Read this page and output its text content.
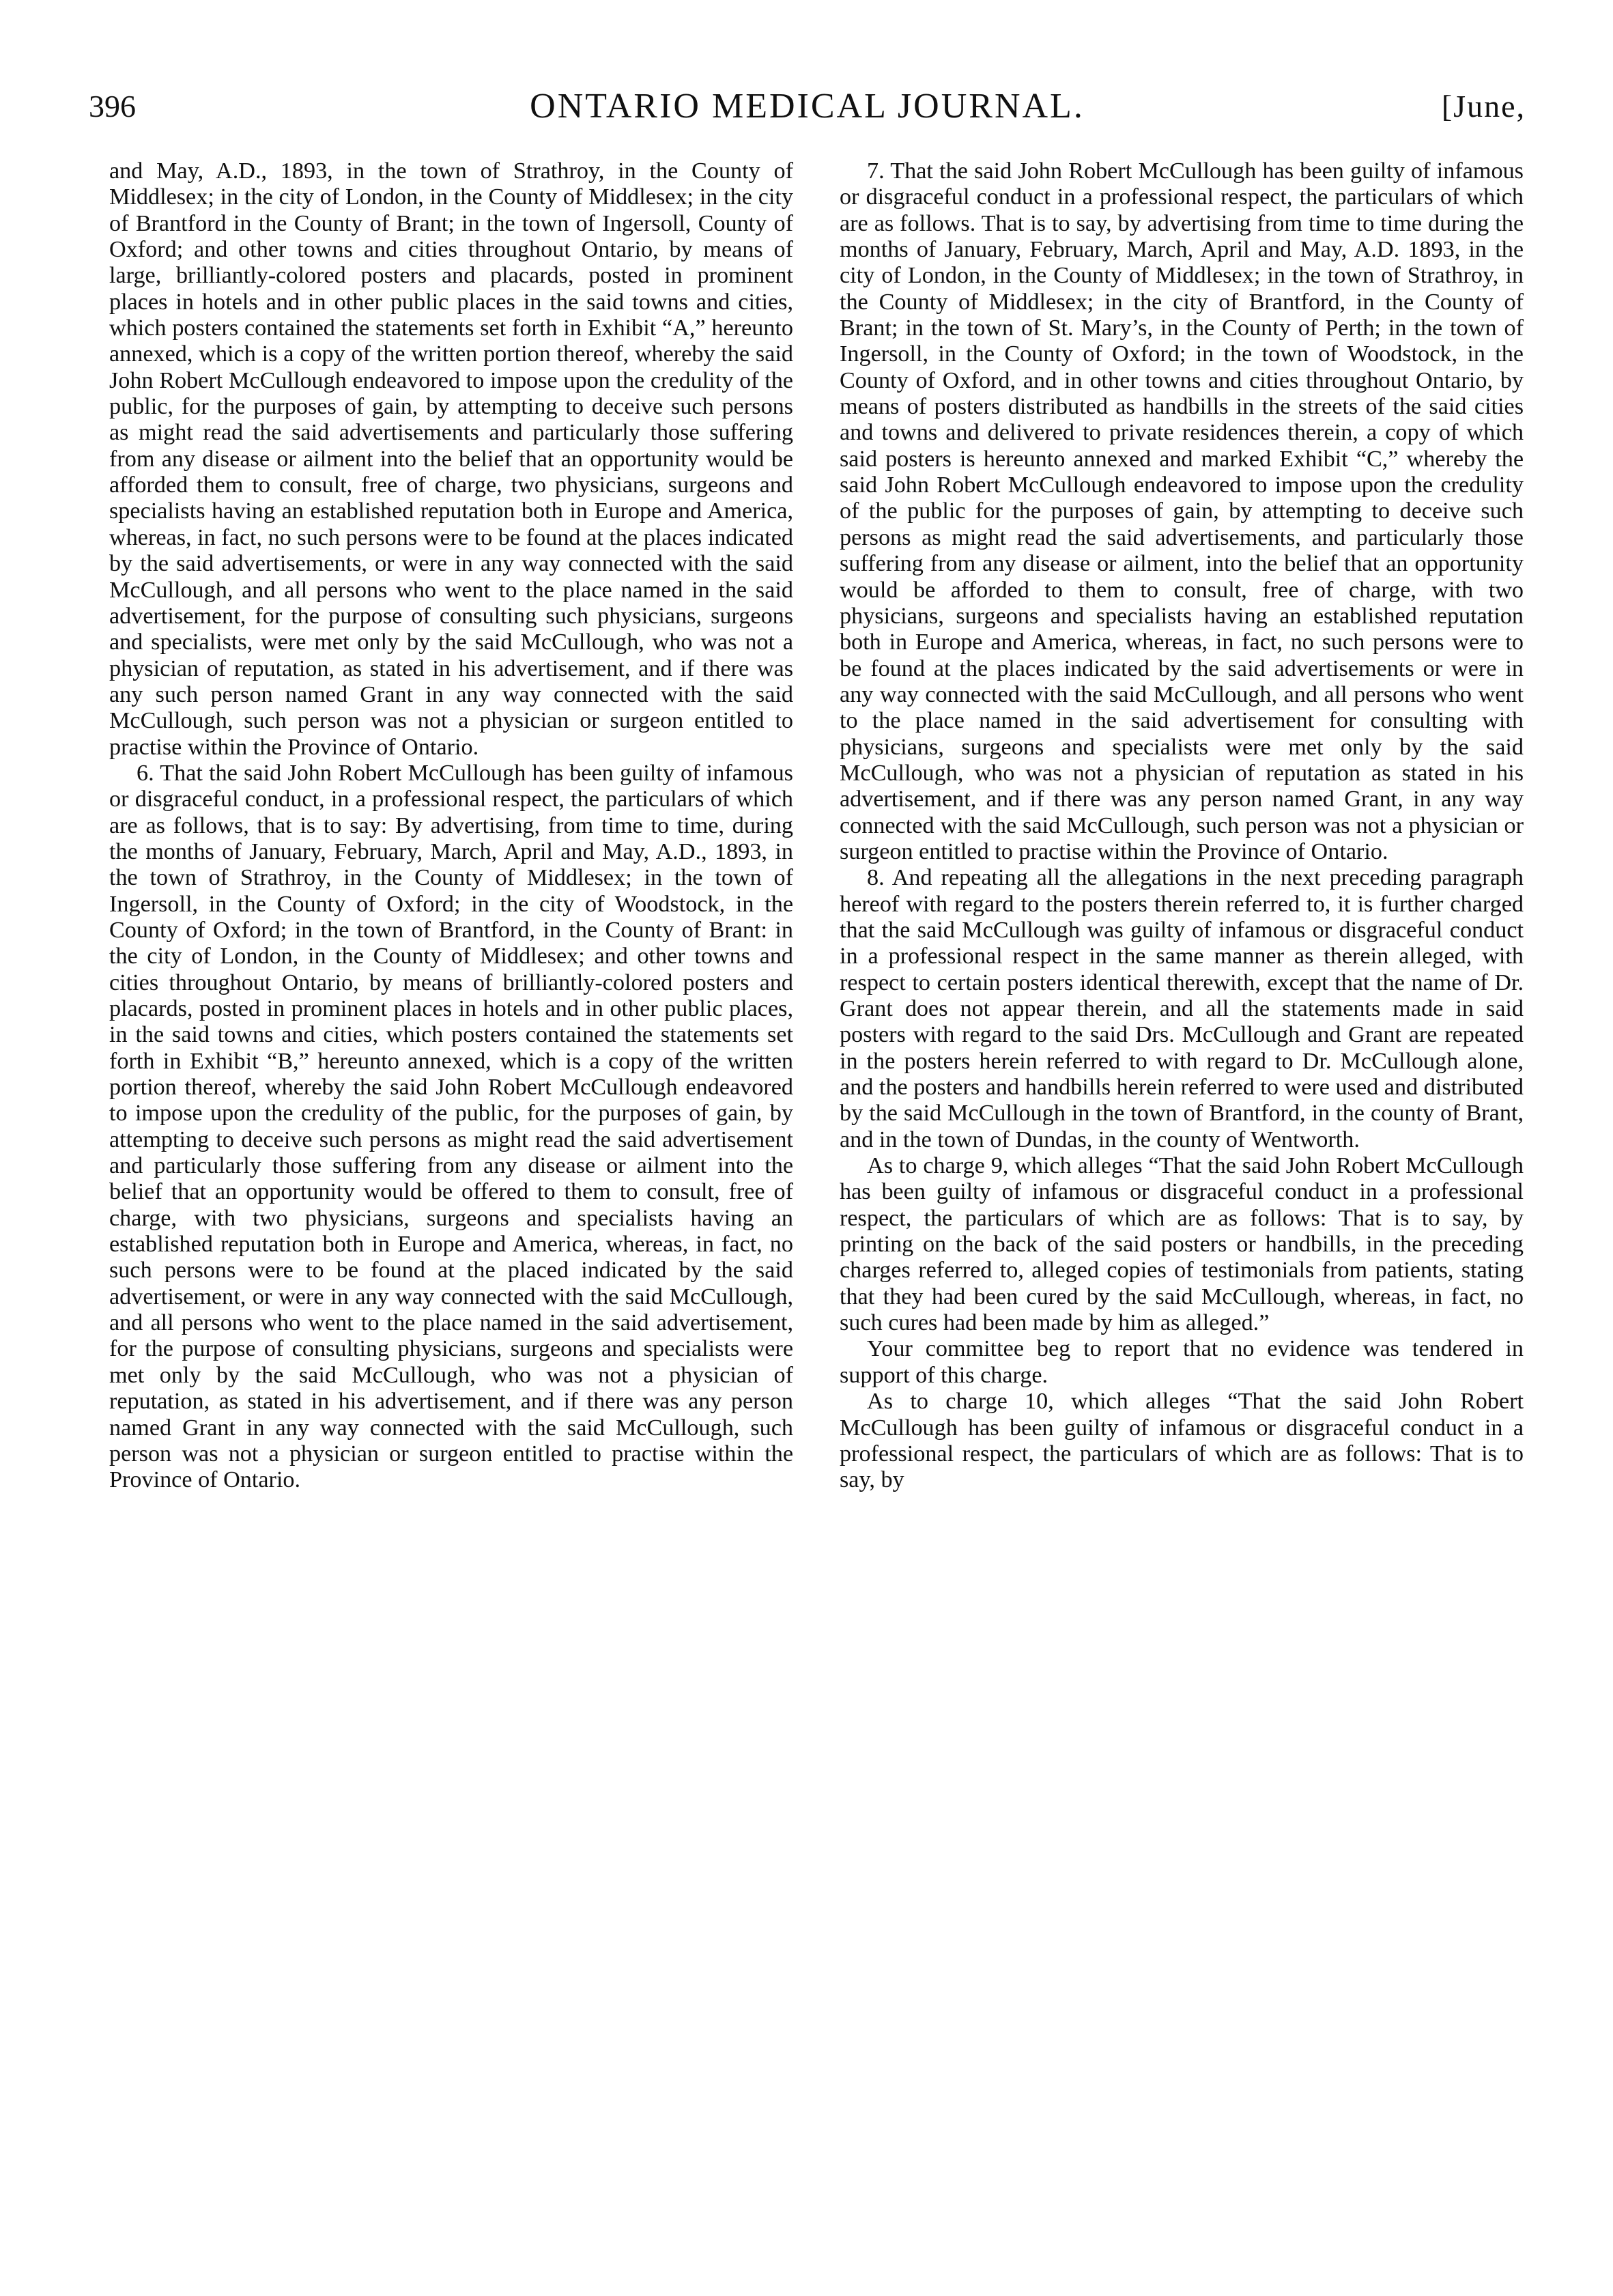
396	ONTARIO MEDICAL JOURNAL.	[June,

and May, A.D., 1893, in the town of Strathroy, in the County of Middlesex; in the city of London, in the County of Middlesex; in the city of Brantford in the County of Brant; in the town of Ingersoll, County of Oxford; and other towns and cities throughout Ontario, by means of large, brilliantly-colored posters and placards, posted in prominent places in hotels and in other public places in the said towns and cities, which posters contained the statements set forth in Exhibit “A,” hereunto annexed, which is a copy of the written portion thereof, whereby the said John Robert McCullough endeavored to impose upon the credulity of the public, for the purposes of gain, by attempting to deceive such persons as might read the said advertisements and particularly those suffering from any disease or ailment into the belief that an opportunity would be afforded them to consult, free of charge, two physicians, surgeons and specialists having an established reputation both in Europe and America, whereas, in fact, no such persons were to be found at the places indicated by the said advertisements, or were in any way connected with the said McCullough, and all persons who went to the place named in the said advertisement, for the purpose of consulting such physicians, surgeons and specialists, were met only by the said McCullough, who was not a physician of reputation, as stated in his advertisement, and if there was any such person named Grant in any way connected with the said McCullough, such person was not a physician or surgeon entitled to practise within the Province of Ontario.

6. That the said John Robert McCullough has been guilty of infamous or disgraceful conduct, in a professional respect, the particulars of which are as follows, that is to say: By advertising, from time to time, during the months of January, February, March, April and May, A.D., 1893, in the town of Strathroy, in the County of Middlesex; in the town of Ingersoll, in the County of Oxford; in the city of Woodstock, in the County of Oxford; in the town of Brantford, in the County of Brant: in the city of London, in the County of Middlesex; and other towns and cities throughout Ontario, by means of brilliantly-colored posters and placards, posted in prominent places in hotels and in other public places, in the said towns and cities, which posters contained the statements set forth in Exhibit “B,” hereunto annexed, which is a copy of the written portion thereof, whereby the said John Robert McCullough endeavored to impose upon the credulity of the public, for the purposes of gain, by attempting to deceive such persons as might read the said advertisement and particularly those suffering from any disease or ailment into the belief that an opportunity would be offered to them to consult, free of charge, with two physicians, surgeons and specialists having an established reputation both in Europe and America, whereas, in fact, no such persons were to be found at the placed indicated by the said advertisement, or were in any way connected with the said McCullough, and all persons who went to the place named in the said advertisement, for the purpose of consulting physicians, surgeons and specialists were met only by the said McCullough, who was not a physician of reputation, as stated in his advertisement, and if there was any person named Grant in any way connected with the said McCullough, such person was not a physician or surgeon entitled to practise within the Province of Ontario.

7. That the said John Robert McCullough has been guilty of infamous or disgraceful conduct in a professional respect, the particulars of which are as follows. That is to say, by advertising from time to time during the months of January, February, March, April and May, A.D. 1893, in the city of London, in the County of Middlesex; in the town of Strathroy, in the County of Middlesex; in the city of Brantford, in the County of Brant; in the town of St. Mary’s, in the County of Perth; in the town of Ingersoll, in the County of Oxford; in the town of Woodstock, in the County of Oxford, and in other towns and cities throughout Ontario, by means of posters distributed as handbills in the streets of the said cities and towns and delivered to private residences therein, a copy of which said posters is hereunto annexed and marked Exhibit “C,” whereby the said John Robert McCullough endeavored to impose upon the credulity of the public for the purposes of gain, by attempting to deceive such persons as might read the said advertisements, and particularly those suffering from any disease or ailment, into the belief that an opportunity would be afforded to them to consult, free of charge, with two physicians, surgeons and specialists having an established reputation both in Europe and America, whereas, in fact, no such persons were to be found at the places indicated by the said advertisements or were in any way connected with the said McCullough, and all persons who went to the place named in the said advertisement for consulting with physicians, surgeons and specialists were met only by the said McCullough, who was not a physician of reputation as stated in his advertisement, and if there was any person named Grant, in any way connected with the said McCullough, such person was not a physician or surgeon entitled to practise within the Province of Ontario.

8. And repeating all the allegations in the next preceding paragraph hereof with regard to the posters therein referred to, it is further charged that the said McCullough was guilty of infamous or disgraceful conduct in a professional respect in the same manner as therein alleged, with respect to certain posters identical therewith, except that the name of Dr. Grant does not appear therein, and all the statements made in said posters with regard to the said Drs. McCullough and Grant are repeated in the posters herein referred to with regard to Dr. McCullough alone, and the posters and handbills herein referred to were used and distributed by the said McCullough in the town of Brantford, in the county of Brant, and in the town of Dundas, in the county of Wentworth.

As to charge 9, which alleges “That the said John Robert McCullough has been guilty of infamous or disgraceful conduct in a professional respect, the particulars of which are as follows: That is to say, by printing on the back of the said posters or handbills, in the preceding charges referred to, alleged copies of testimonials from patients, stating that they had been cured by the said McCullough, whereas, in fact, no such cures had been made by him as alleged.”

Your committee beg to report that no evidence was tendered in support of this charge.

As to charge 10, which alleges “That the said John Robert McCullough has been guilty of infamous or disgraceful conduct in a professional respect, the particulars of which are as follows: That is to say, by
